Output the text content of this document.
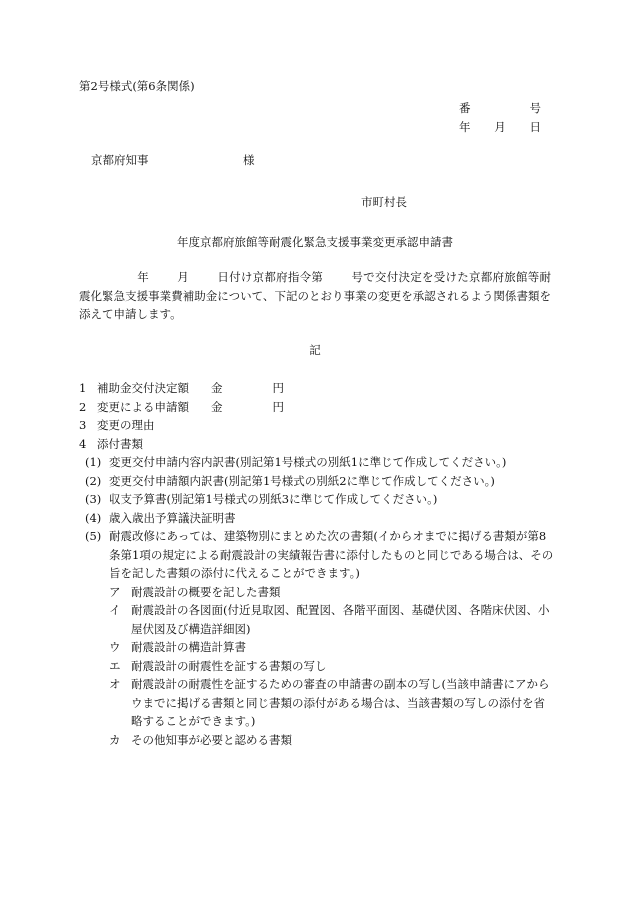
第2号様式(第6条関係)
番	号
年 月 日
京都府知事	様
市町村長
年度京都府旅館等耐震化緊急支援事業変更承認申請書
年 月 日付け京都府指令第 号で交付決定を受けた京都府旅館等耐震化緊急支援事業費補助金について、下記のとおり事業の変更を承認されるよう関係書類を添えて申請します。
記
1 補助金交付決定額 金	円
2 変更による申請額 金	円
3 変更の理由
4 添付書類
(1) 変更交付申請内容内訳書(別記第1号様式の別紙1に準じて作成してください。)
(2) 変更交付申請額内訳書(別記第1号様式の別紙2に準じて作成してください。)
(3) 収支予算書(別記第1号様式の別紙3に準じて作成してください。)
(4) 歳入歳出予算議決証明書
(5) 耐震改修にあっては、建築物別にまとめた次の書類(イからオまでに掲げる書類が第8条第1項の規定による耐震設計の実績報告書に添付したものと同じである場合は、その旨を記した書類の添付に代えることができます。)
ア 耐震設計の概要を記した書類
イ 耐震設計の各図面(付近見取図、配置図、各階平面図、基礎伏図、各階床伏図、小屋伏図及び構造詳細図)
ウ 耐震設計の構造計算書
エ 耐震設計の耐震性を証する書類の写し
オ 耐震設計の耐震性を証するための審査の申請書の副本の写し(当該申請書にアからウまでに掲げる書類と同じ書類の添付がある場合は、当該書類の写しの添付を省略することができます。)
カ その他知事が必要と認める書類
